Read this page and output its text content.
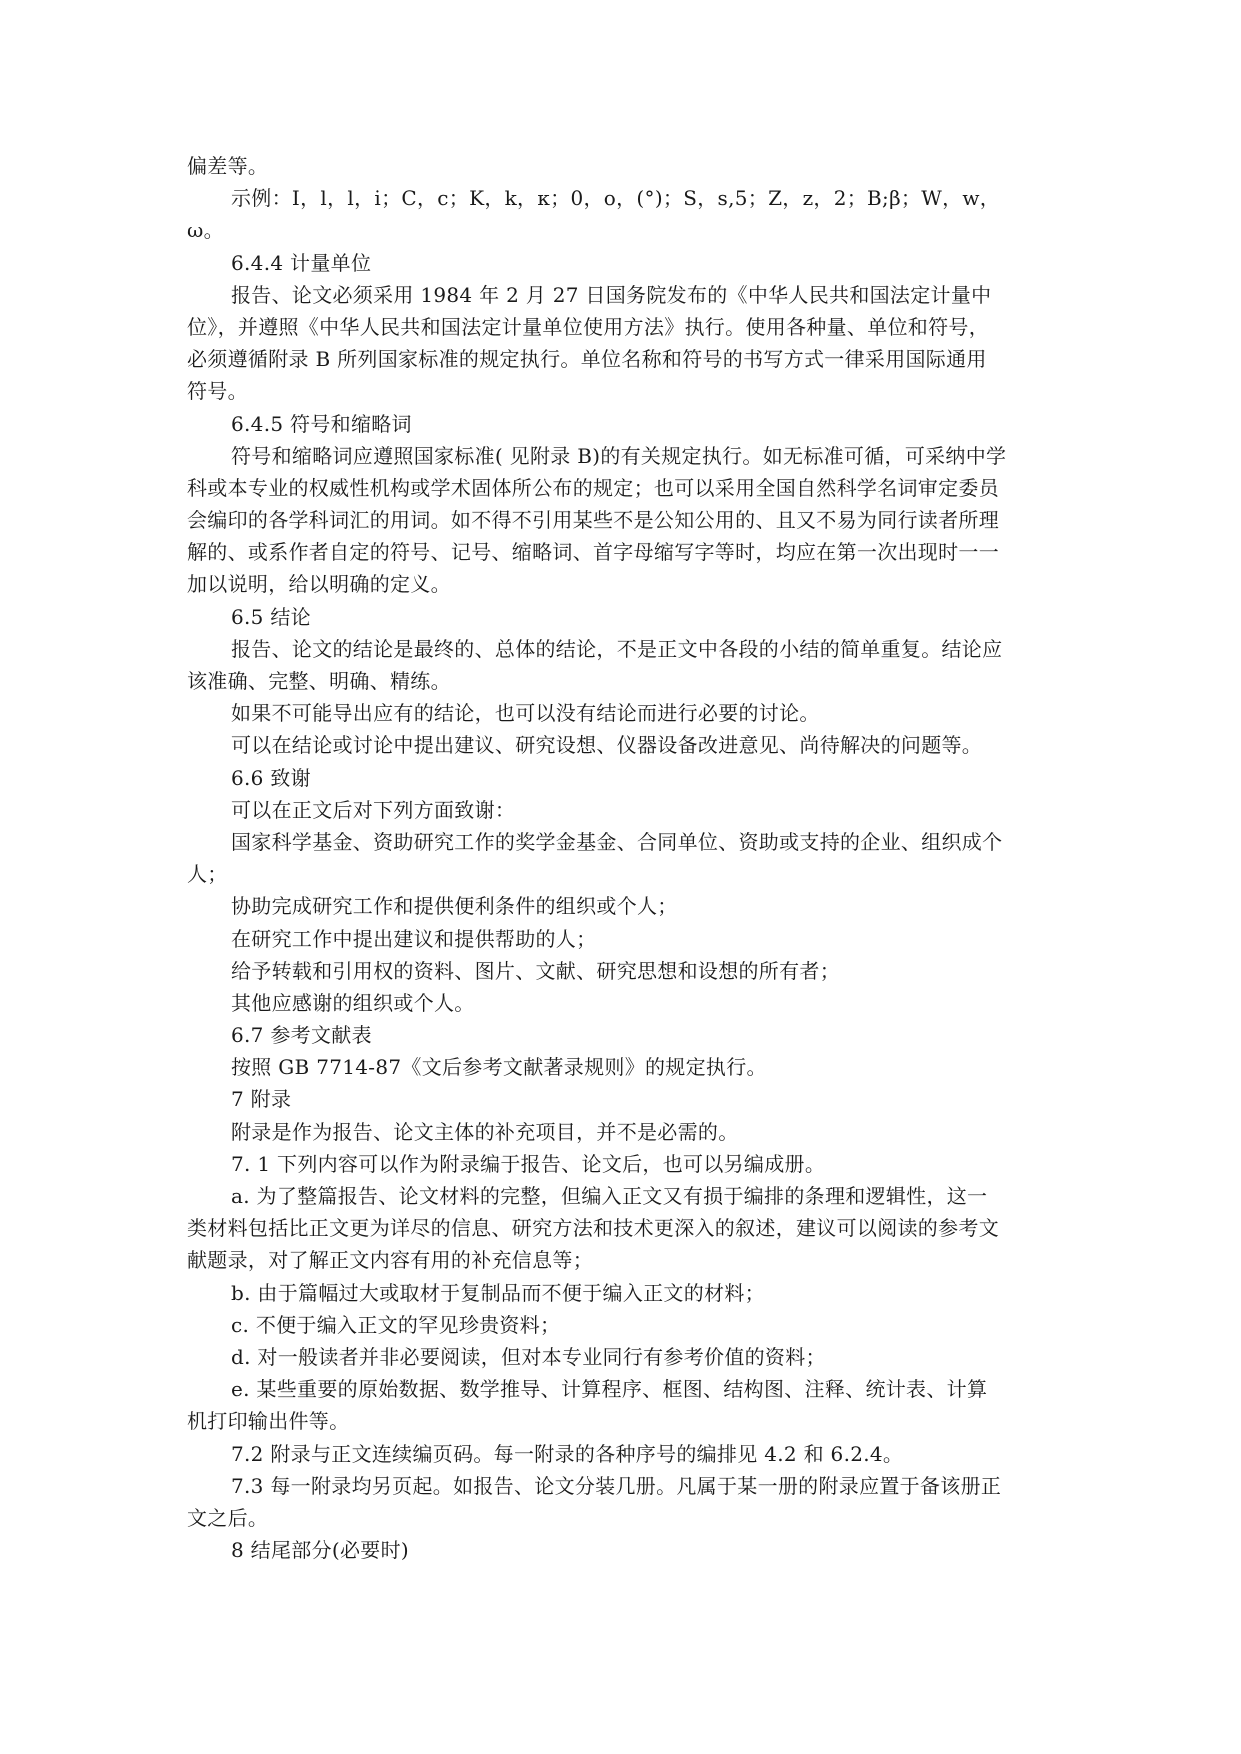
偏差等。
示例：I，l，l，i；C，c；K，k，κ；0，o，(°)；S，s,5；Z，z，2；B;β；W，w，
ω。
6.4.4 计量单位
报告、论文必须采用 1984 年 2 月 27 日国务院发布的《中华人民共和国法定计量中
位》，并遵照《中华人民共和国法定计量单位使用方法》执行。使用各种量、单位和符号，
必须遵循附录 B 所列国家标准的规定执行。单位名称和符号的书写方式一律采用国际通用
符号。
6.4.5 符号和缩略词
符号和缩略词应遵照国家标准( 见附录 B)的有关规定执行。如无标准可循，可采纳中学
科或本专业的权威性机构或学术固体所公布的规定；也可以采用全国自然科学名词审定委员
会编印的各学科词汇的用词。如不得不引用某些不是公知公用的、且又不易为同行读者所理
解的、或系作者自定的符号、记号、缩略词、首字母缩写字等时，均应在第一次出现时一一
加以说明，给以明确的定义。
6.5 结论
报告、论文的结论是最终的、总体的结论，不是正文中各段的小结的简单重复。结论应
该准确、完整、明确、精练。
如果不可能导出应有的结论，也可以没有结论而进行必要的讨论。
可以在结论或讨论中提出建议、研究设想、仪器设备改进意见、尚待解决的问题等。
6.6 致谢
可以在正文后对下列方面致谢：
国家科学基金、资助研究工作的奖学金基金、合同单位、资助或支持的企业、组织成个
人；
协助完成研究工作和提供便利条件的组织或个人；
在研究工作中提出建议和提供帮助的人；
给予转载和引用权的资料、图片、文献、研究思想和设想的所有者；
其他应感谢的组织或个人。
6.7 参考文献表
按照 GB 7714-87《文后参考文献著录规则》的规定执行。
7 附录
附录是作为报告、论文主体的补充项目，并不是必需的。
7. 1 下列内容可以作为附录编于报告、论文后，也可以另编成册。
a. 为了整篇报告、论文材料的完整，但编入正文又有损于编排的条理和逻辑性，这一
类材料包括比正文更为详尽的信息、研究方法和技术更深入的叙述，建议可以阅读的参考文
献题录，对了解正文内容有用的补充信息等；
b. 由于篇幅过大或取材于复制品而不便于编入正文的材料；
c. 不便于编入正文的罕见珍贵资料；
d. 对一般读者并非必要阅读，但对本专业同行有参考价值的资料；
e. 某些重要的原始数据、数学推导、计算程序、框图、结构图、注释、统计表、计算
机打印输出件等。
7.2 附录与正文连续编页码。每一附录的各种序号的编排见 4.2 和 6.2.4。
7.3 每一附录均另页起。如报告、论文分装几册。凡属于某一册的附录应置于备该册正
文之后。
8 结尾部分(必要时)
